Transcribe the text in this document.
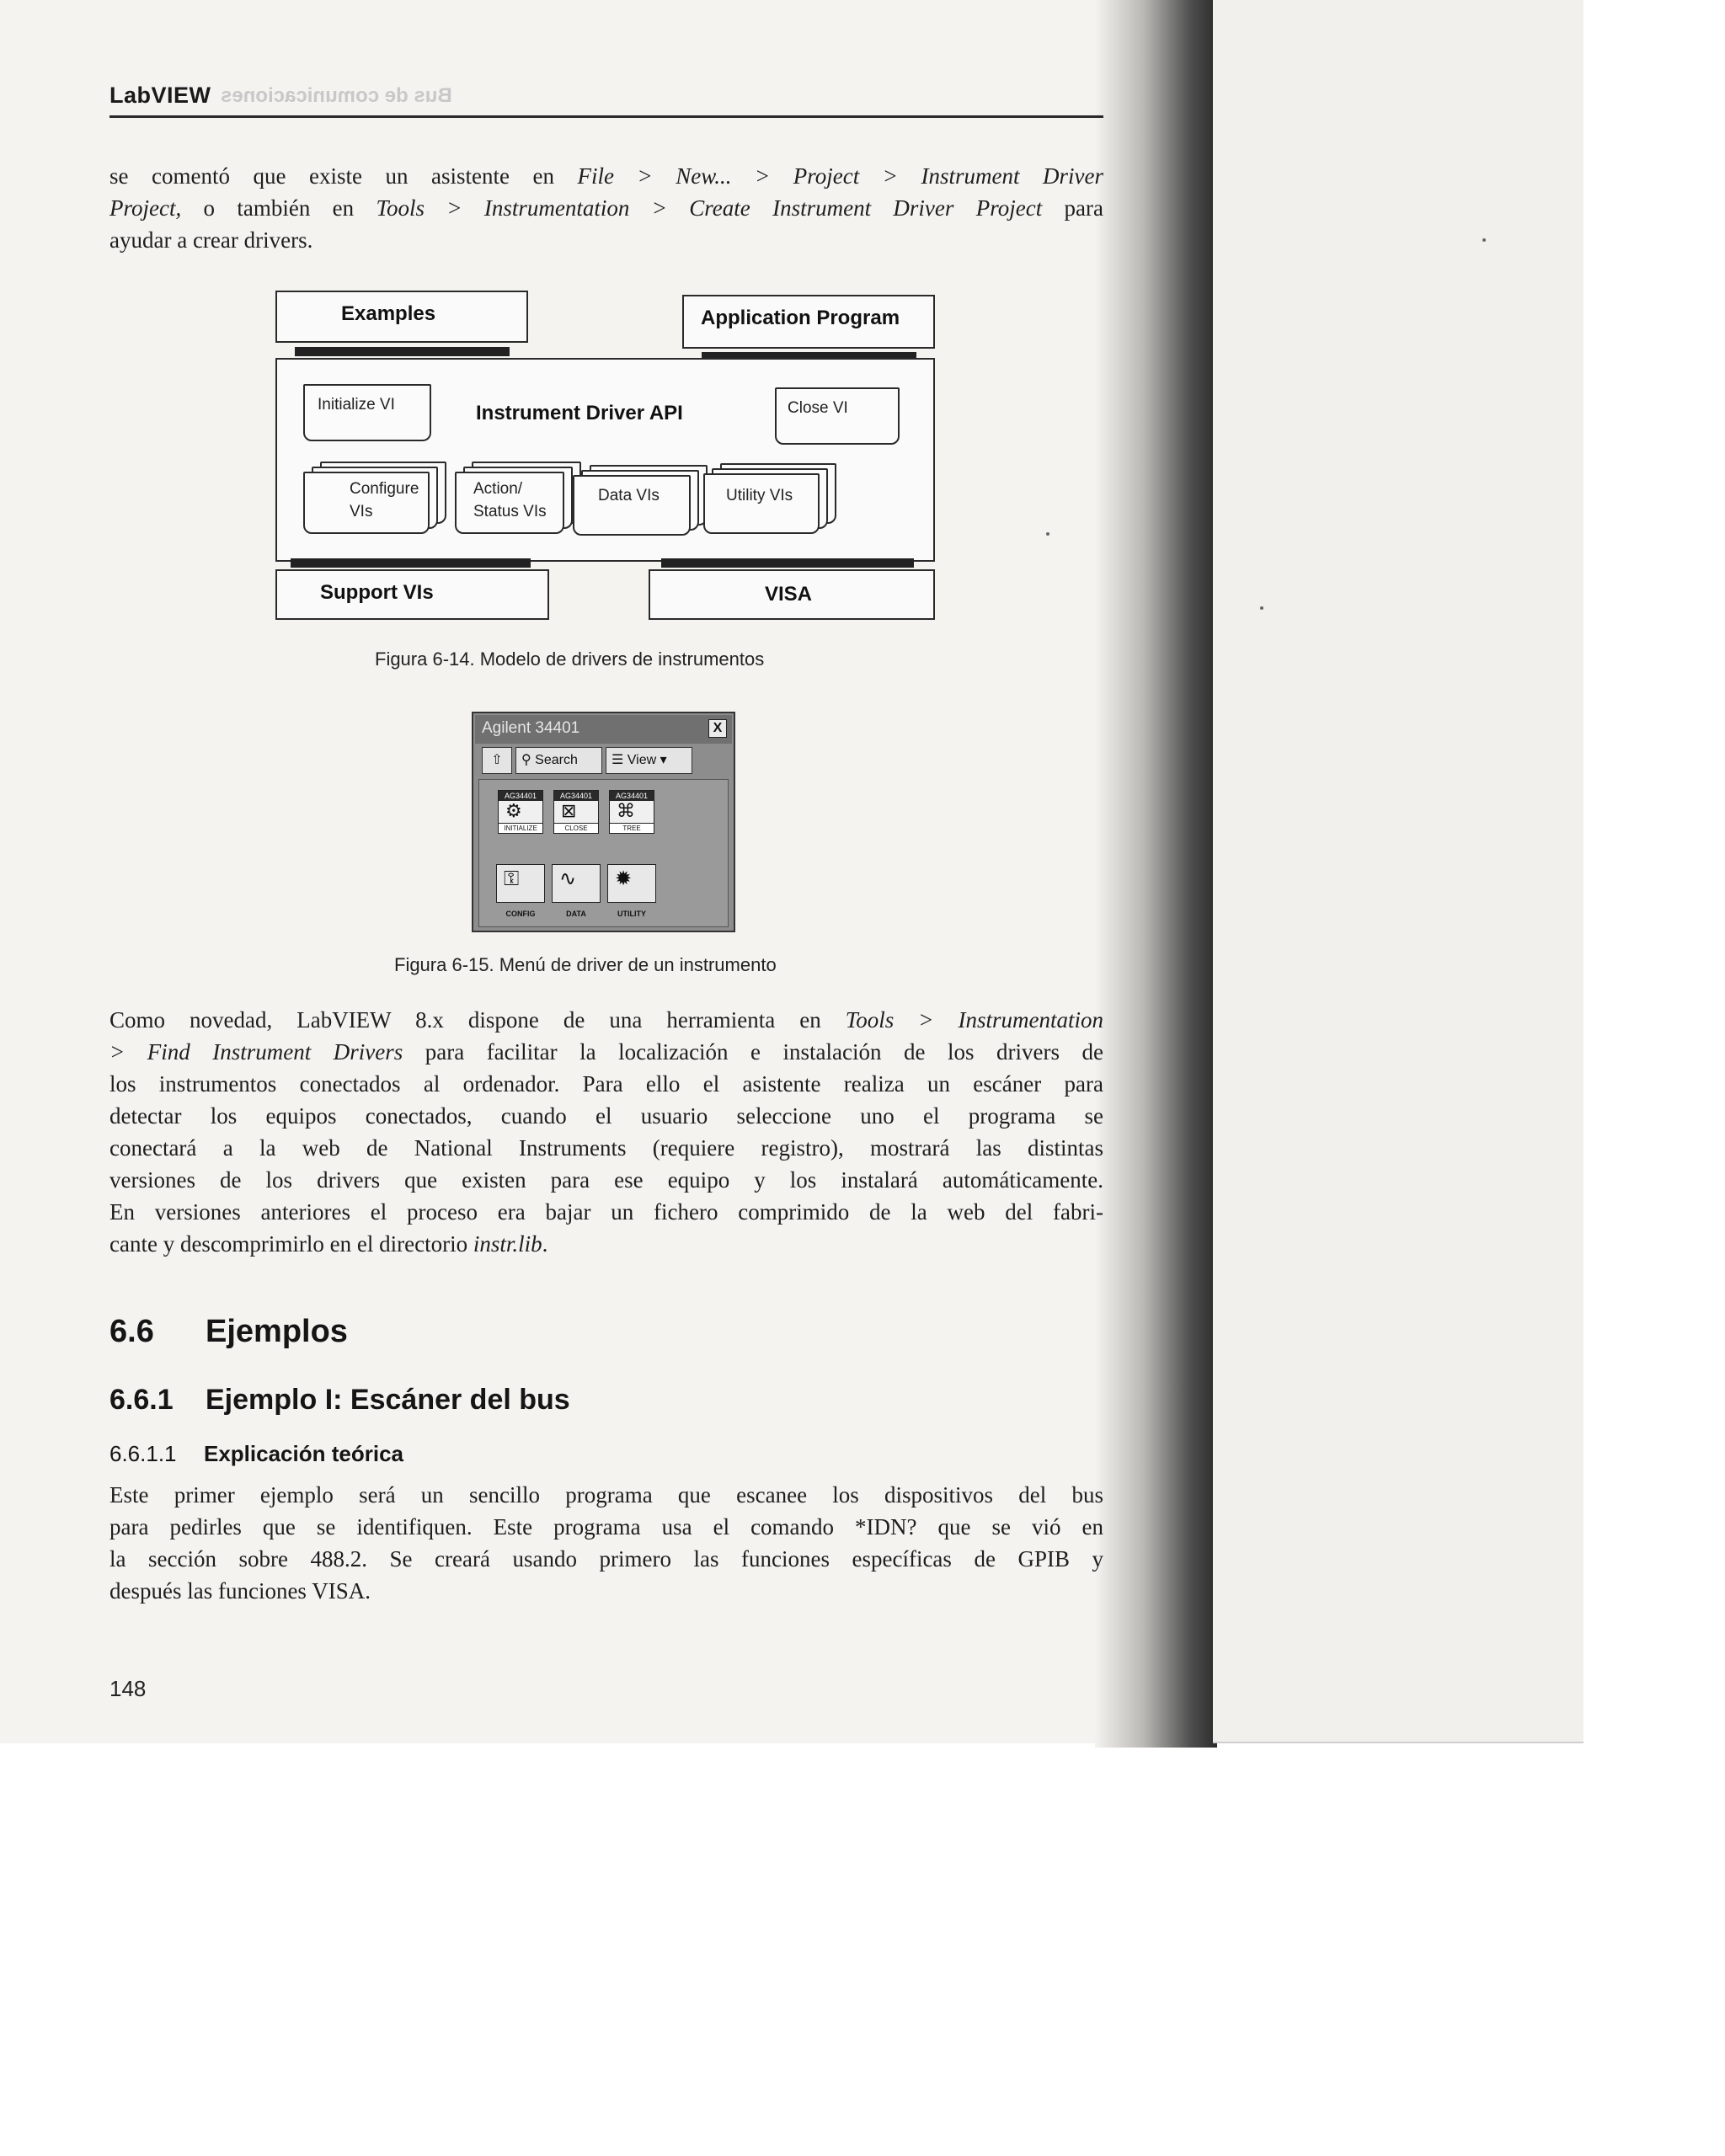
Bus de comunicaciones
LabVIEW
se comentó que existe un asistente en File > New... > Project > Instrument Driver
Project, o también en Tools > Instrumentation > Create Instrument Driver Project para
ayudar a crear drivers.
Examples	Application Program
Initialize VI	Instrument Driver API	Close VI
Configure
VIs
Action/
Status VIs
Data VIs	Utility VIs
Support VIs	VISA
Figura 6-14. Modelo de drivers de instrumentos
Agilent 34401	X
⇧	⚲ Search	☰ View ▾
AG34401
⚙
INITIALIZE
AG34401
⊠
CLOSE
AG34401
⌘
TREE
⚿
CONFIG
∿
DATA
✹
UTILITY
Figura 6-15. Menú de driver de un instrumento
Como novedad, LabVIEW 8.x dispone de una herramienta en Tools > Instrumentation
> Find Instrument Drivers para facilitar la localización e instalación de los drivers de
los instrumentos conectados al ordenador. Para ello el asistente realiza un escáner para
detectar los equipos conectados, cuando el usuario seleccione uno el programa se
conectará a la web de National Instruments (requiere registro), mostrará las distintas
versiones de los drivers que existen para ese equipo y los instalará automáticamente.
En versiones anteriores el proceso era bajar un fichero comprimido de la web del fabri-
cante y descomprimirlo en el directorio instr.lib.
6.6 Ejemplos
6.6.1 Ejemplo I: Escáner del bus
6.6.1.1 Explicación teórica
Este primer ejemplo será un sencillo programa que escanee los dispositivos del bus
para pedirles que se identifiquen. Este programa usa el comando *IDN? que se vió en
la sección sobre 488.2. Se creará usando primero las funciones específicas de GPIB y
después las funciones VISA.
148
